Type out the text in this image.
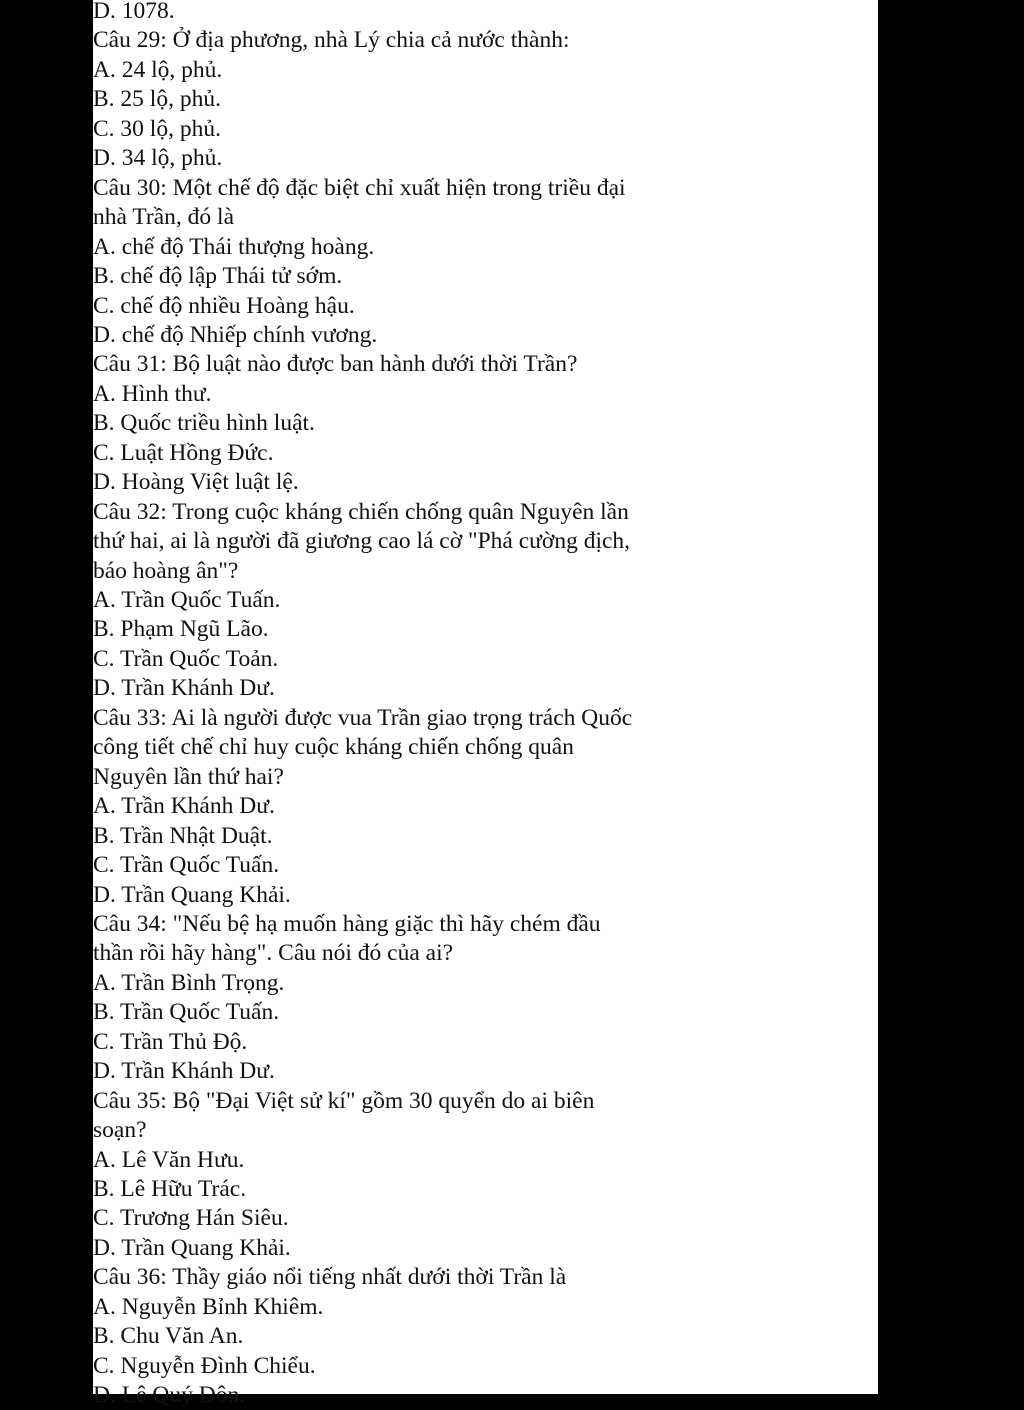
D. 1078.
Câu 29: Ở địa phương, nhà Lý chia cả nước thành:
A. 24 lộ, phủ.
B. 25 lộ, phủ.
C. 30 lộ, phủ.
D. 34 lộ, phủ.
Câu 30: Một chế độ đặc biệt chỉ xuất hiện trong triều đại
nhà Trần, đó là
A. chế độ Thái thượng hoàng.
B. chế độ lập Thái tử sớm.
C. chế độ nhiều Hoàng hậu.
D. chế độ Nhiếp chính vương.
Câu 31: Bộ luật nào được ban hành dưới thời Trần?
A. Hình thư.
B. Quốc triều hình luật.
C. Luật Hồng Đức.
D. Hoàng Việt luật lệ.
Câu 32: Trong cuộc kháng chiến chống quân Nguyên lần
thứ hai, ai là người đã giương cao lá cờ "Phá cường địch,
báo hoàng ân"?
A. Trần Quốc Tuấn.
B. Phạm Ngũ Lão.
C. Trần Quốc Toản.
D. Trần Khánh Dư.
Câu 33: Ai là người được vua Trần giao trọng trách Quốc
công tiết chế chỉ huy cuộc kháng chiến chống quân
Nguyên lần thứ hai?
A. Trần Khánh Dư.
B. Trần Nhật Duật.
C. Trần Quốc Tuấn.
D. Trần Quang Khải.
Câu 34: "Nếu bệ hạ muốn hàng giặc thì hãy chém đầu
thần rồi hãy hàng". Câu nói đó của ai?
A. Trần Bình Trọng.
B. Trần Quốc Tuấn.
C. Trần Thủ Độ.
D. Trần Khánh Dư.
Câu 35: Bộ "Đại Việt sử kí" gồm 30 quyển do ai biên
soạn?
A. Lê Văn Hưu.
B. Lê Hữu Trác.
C. Trương Hán Siêu.
D. Trần Quang Khải.
Câu 36: Thầy giáo nổi tiếng nhất dưới thời Trần là
A. Nguyễn Bỉnh Khiêm.
B. Chu Văn An.
C. Nguyễn Đình Chiểu.
D. Lê Quý Đôn.
